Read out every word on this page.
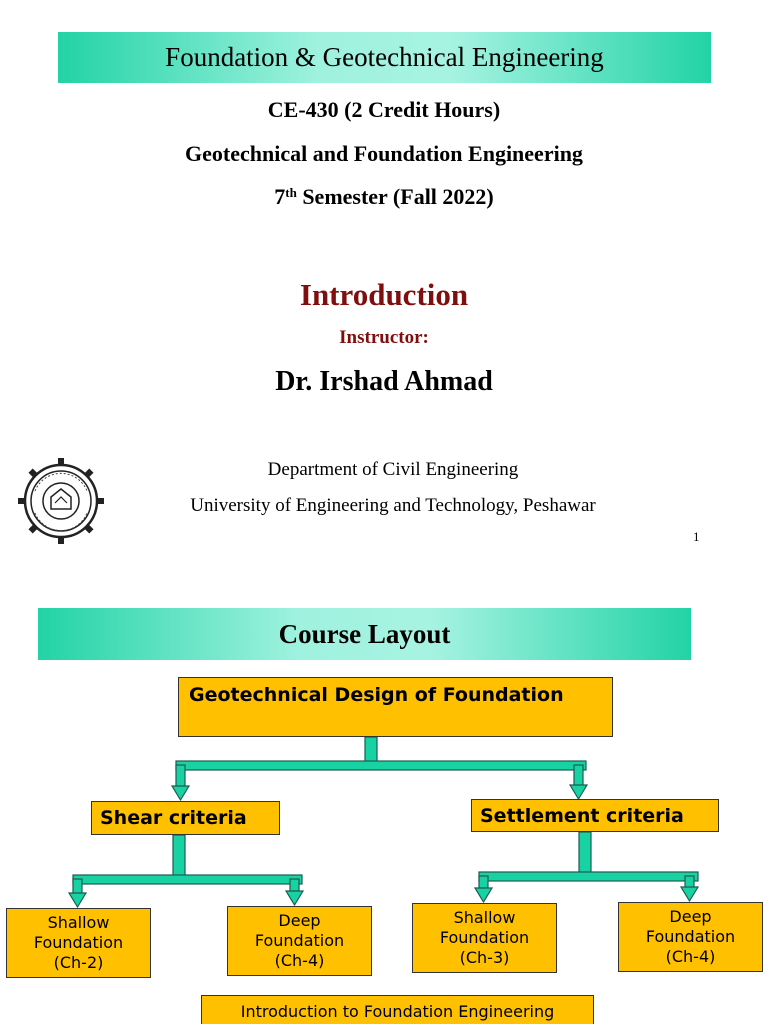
Foundation & Geotechnical Engineering
CE-430 (2 Credit Hours)
Geotechnical and Foundation Engineering
7th Semester (Fall 2022)
Introduction
Instructor:
Dr. Irshad Ahmad
Department of Civil Engineering
University of Engineering and Technology, Peshawar
1
Course Layout
Geotechnical Design of Foundation
Shear criteria	Settlement criteria
Shallow
Foundation
(Ch-2)
Deep
Foundation
(Ch-4)
Shallow
Foundation
(Ch-3)
Deep
Foundation
(Ch-4)
Introduction to Foundation Engineering
